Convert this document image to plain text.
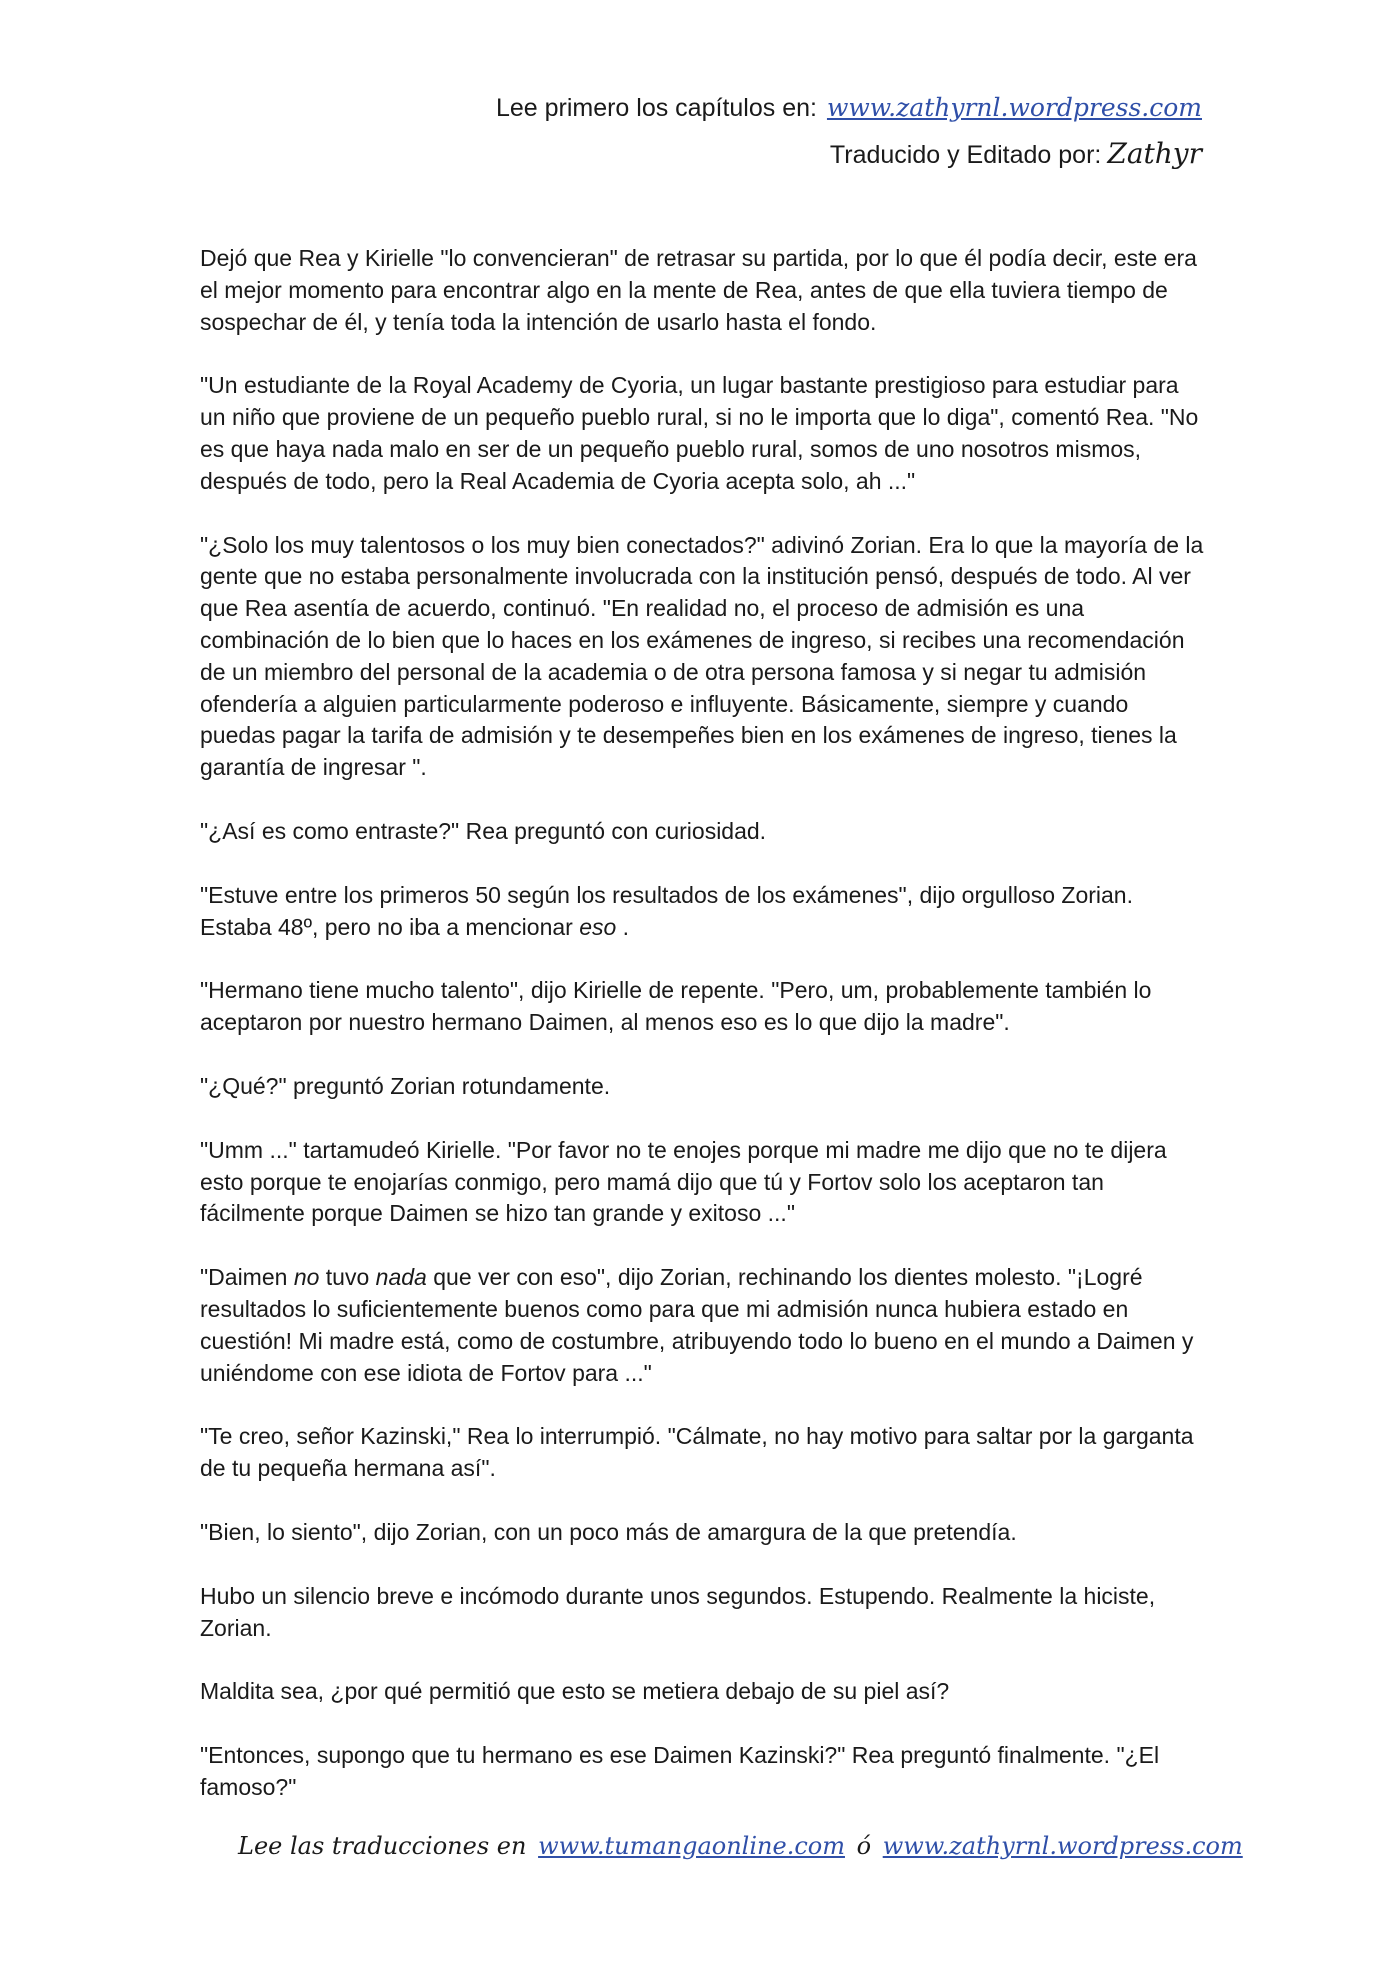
Lee primero los capítulos en: www.zathyrnl.wordpress.com
Traducido y Editado por: Zathyr

Dejó que Rea y Kirielle "lo convencieran" de retrasar su partida, por lo que él podía decir, este era el mejor momento para encontrar algo en la mente de Rea, antes de que ella tuviera tiempo de sospechar de él, y tenía toda la intención de usarlo hasta el fondo.

"Un estudiante de la Royal Academy de Cyoria, un lugar bastante prestigioso para estudiar para un niño que proviene de un pequeño pueblo rural, si no le importa que lo diga", comentó Rea. "No es que haya nada malo en ser de un pequeño pueblo rural, somos de uno nosotros mismos, después de todo, pero la Real Academia de Cyoria acepta solo, ah ..."

"¿Solo los muy talentosos o los muy bien conectados?" adivinó Zorian. Era lo que la mayoría de la gente que no estaba personalmente involucrada con la institución pensó, después de todo. Al ver que Rea asentía de acuerdo, continuó. "En realidad no, el proceso de admisión es una combinación de lo bien que lo haces en los exámenes de ingreso, si recibes una recomendación de un miembro del personal de la academia o de otra persona famosa y si negar tu admisión ofendería a alguien particularmente poderoso e influyente. Básicamente, siempre y cuando puedas pagar la tarifa de admisión y te desempeñes bien en los exámenes de ingreso, tienes la garantía de ingresar ".

"¿Así es como entraste?" Rea preguntó con curiosidad.

"Estuve entre los primeros 50 según los resultados de los exámenes", dijo orgulloso Zorian. Estaba 48º, pero no iba a mencionar eso .

"Hermano tiene mucho talento", dijo Kirielle de repente. "Pero, um, probablemente también lo aceptaron por nuestro hermano Daimen, al menos eso es lo que dijo la madre".

"¿Qué?" preguntó Zorian rotundamente.

"Umm ..." tartamudeó Kirielle. "Por favor no te enojes porque mi madre me dijo que no te dijera esto porque te enojarías conmigo, pero mamá dijo que tú y Fortov solo los aceptaron tan fácilmente porque Daimen se hizo tan grande y exitoso ..."

"Daimen no tuvo nada que ver con eso", dijo Zorian, rechinando los dientes molesto. "¡Logré resultados lo suficientemente buenos como para que mi admisión nunca hubiera estado en cuestión! Mi madre está, como de costumbre, atribuyendo todo lo bueno en el mundo a Daimen y uniéndome con ese idiota de Fortov para ..."

"Te creo, señor Kazinski," Rea lo interrumpió. "Cálmate, no hay motivo para saltar por la garganta de tu pequeña hermana así".

"Bien, lo siento", dijo Zorian, con un poco más de amargura de la que pretendía.

Hubo un silencio breve e incómodo durante unos segundos. Estupendo. Realmente la hiciste, Zorian.

Maldita sea, ¿por qué permitió que esto se metiera debajo de su piel así?

"Entonces, supongo que tu hermano es ese Daimen Kazinski?" Rea preguntó finalmente. "¿El famoso?"

Lee las traducciones en www.tumangaonline.com ó www.zathyrnl.wordpress.com
